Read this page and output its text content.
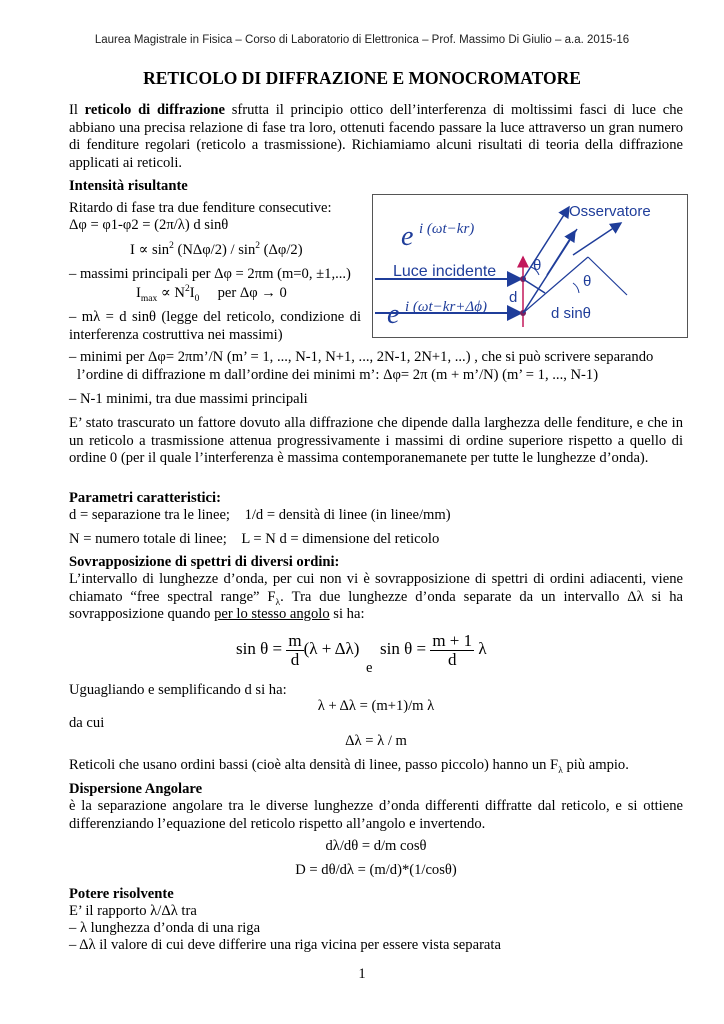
Laurea Magistrale in Fisica – Corso di Laboratorio di Elettronica – Prof. Massimo Di Giulio – a.a. 2015-16
RETICOLO DI DIFFRAZIONE E MONOCROMATORE
Il reticolo di diffrazione sfrutta il principio ottico dell’interferenza di moltissimi fasci di luce che abbiano una precisa relazione di fase tra loro, ottenuti facendo passare la luce attraverso un gran numero di fenditure regolari (reticolo a trasmissione). Richiamiamo alcuni risultati di teoria della diffrazione applicati ai reticoli.
Intensità risultante
Ritardo di fase tra due fenditure consecutive:
Δφ = φ1-φ2 = (2π/λ) d sinθ
$I \propto \sin^2 (N\Delta\varphi/2) / \sin^2 (\Delta\varphi/2)$
– massimi principali per Δφ = 2πm (m=0, ±1,...)
$I_{max} \propto N^2I_0$     per Δφ → 0
– mλ = d sinθ (legge del reticolo, condizione di interferenza costruttiva nei massimi)
Osservatore
Luce incidente θ
θ
d
d sinθ
e i (ωt−kr)
e i (ωt−kr+Δϕ)
– minimi per Δφ= 2πm’/N (m’ = 1, ..., N-1, N+1, ..., 2N-1, 2N+1, ...) , che si può scrivere separando
l’ordine di diffrazione m dall’ordine dei minimi m’: Δφ= 2π (m + m’/N) (m’ = 1, ..., N-1)
– N-1 minimi, tra due massimi principali
E’ stato trascurato un fattore dovuto alla diffrazione che dipende dalla larghezza delle fenditure, e che in un reticolo a trasmissione attenua progressivamente i massimi di ordine superiore rispetto a quello di ordine 0 (per il quale l’interferenza è massima contemporanemanete per tutte le lunghezze d’onda).
Parametri caratteristici:
d = separazione tra le linee;    1/d = densità di linee (in linee/mm)
N = numero totale di linee;    L = N d = dimensione del reticolo
Sovrapposizione di spettri di diversi ordini:
L’intervallo di lunghezze d’onda, per cui non vi è sovrapposizione di spettri di ordini adiacenti, viene chiamato “free spectral range” $F_\lambda$. Tra due lunghezze d’onda separate da un intervallo Δλ si ha sovrapposizione quando per lo stesso angolo si ha:
$\sin \theta = \frac{m}{d} (\lambda + \Delta\lambda)$
e
$\sin \theta = \frac{m + 1}{d}$ λ
Uguagliando e semplificando d si ha:
λ + Δλ = (m+1)/m λ
da cui
Δλ = λ / m
Reticoli che usano ordini bassi (cioè alta densità di linee, passo piccolo) hanno un $F_\lambda$ più ampio.
Dispersione Angolare
è la separazione angolare tra le diverse lunghezze d’onda differenti diffratte dal reticolo, e si ottiene differenziando l’equazione del reticolo rispetto all’angolo e invertendo.
dλ/dθ = d/m cosθ
D = dθ/dλ = (m/d)*(1/cosθ)
Potere risolvente
E’ il rapporto λ/Δλ tra
– λ lunghezza d’onda di una riga
– Δλ il valore di cui deve differire una riga vicina per essere vista separata
1
